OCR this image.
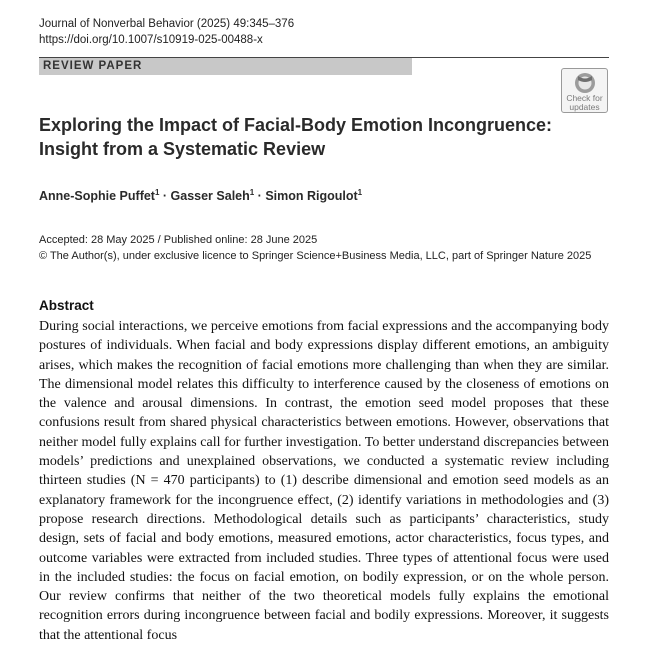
Journal of Nonverbal Behavior (2025) 49:345–376
https://doi.org/10.1007/s10919-025-00488-x
REVIEW PAPER
Check for
updates
Exploring the Impact of Facial-Body Emotion Incongruence:
Insight from a Systematic Review
Anne-Sophie Puffet$^1$ · Gasser Saleh$^1$ · Simon Rigoulot$^1$
Accepted: 28 May 2025 / Published online: 28 June 2025
© The Author(s), under exclusive licence to Springer Science+Business Media, LLC, part of Springer Nature 2025
Abstract

During social interactions, we perceive emotions from facial expressions and the accompanying body postures of individuals. When facial and body expressions display different emotions, an ambiguity arises, which makes the recognition of facial emotions more challenging than when they are similar. The dimensional model relates this difficulty to interference caused by the closeness of emotions on the valence and arousal dimensions. In contrast, the emotion seed model proposes that these confusions result from shared physical characteristics between emotions. However, observations that neither model fully explains call for further investigation. To better understand discrepancies between models’ predictions and unexplained observations, we conducted a systematic review including thirteen studies (N = 470 participants) to (1) describe dimensional and emotion seed models as an explanatory framework for the incongruence effect, (2) identify variations in methodologies and (3) propose research directions. Methodological details such as participants’ characteristics, study design, sets of facial and body emotions, measured emotions, actor characteristics, focus types, and outcome variables were extracted from included studies. Three types of attentional focus were used in the included studies: the focus on facial emotion, on bodily expression, or on the whole person. Our review confirms that neither of the two theoretical models fully explains the emotional recognition errors during incongruence between facial and bodily expressions. Moreover, it suggests that the attentional focus
